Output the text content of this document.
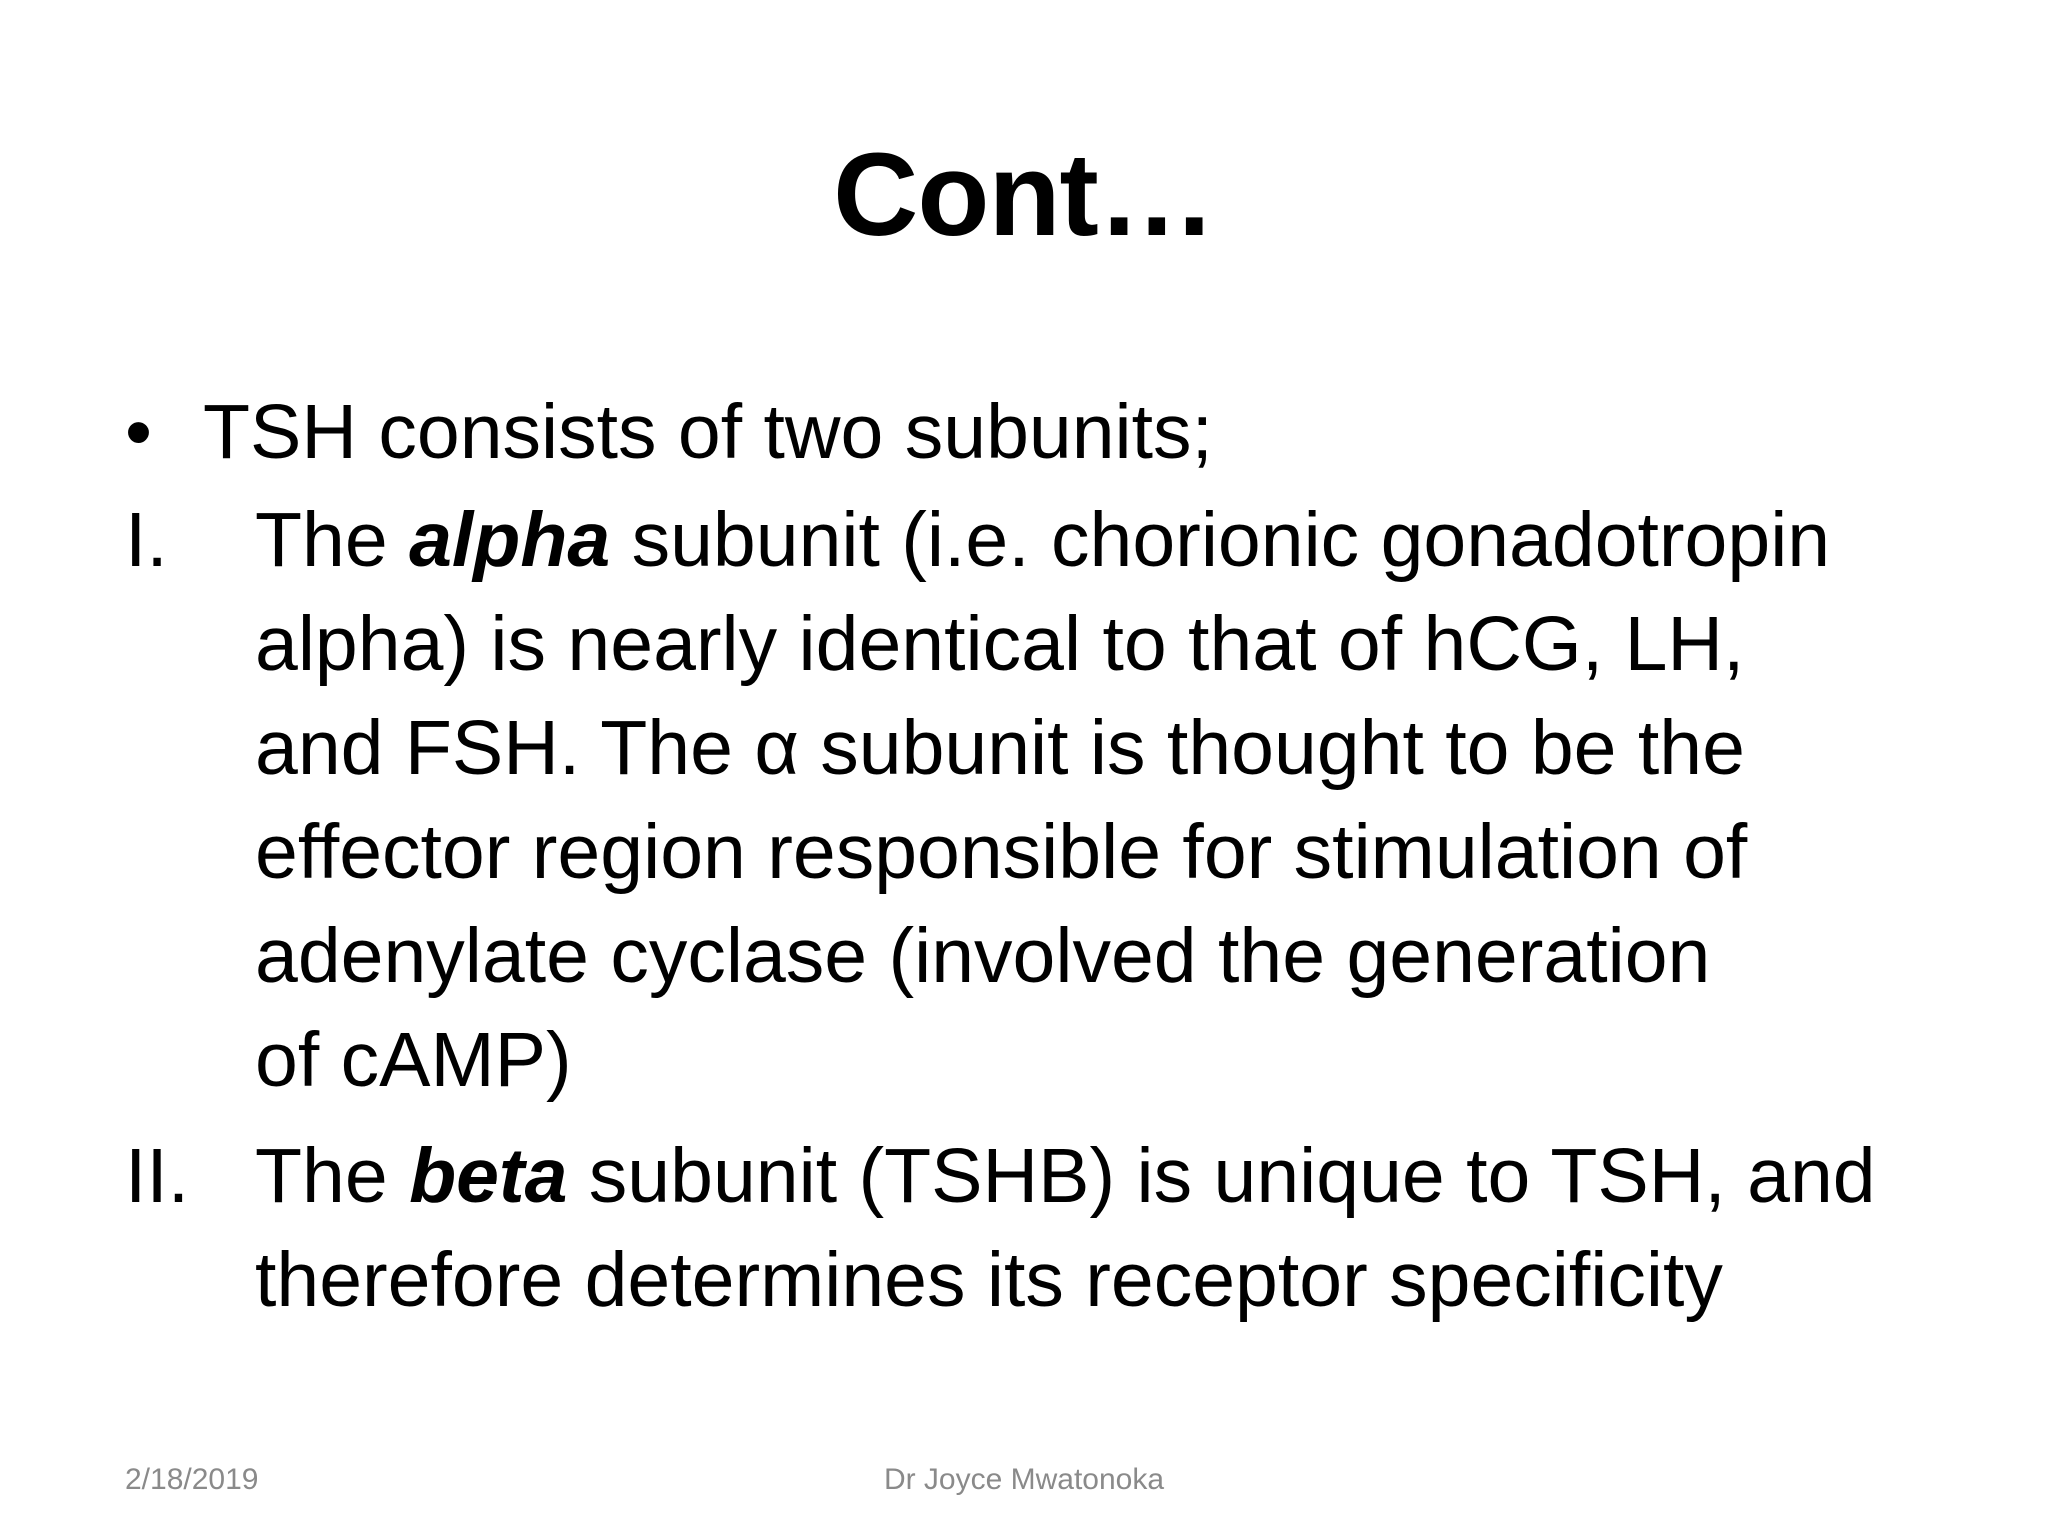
Cont…
• TSH consists of two subunits;
I. The alpha subunit (i.e. chorionic gonadotropin
alpha) is nearly identical to that of hCG, LH,
and FSH. The α subunit is thought to be the
effector region responsible for stimulation of
adenylate cyclase (involved the generation
of cAMP)
II. The beta subunit (TSHB) is unique to TSH, and
therefore determines its receptor specificity
2/18/2019	Dr Joyce Mwatonoka
